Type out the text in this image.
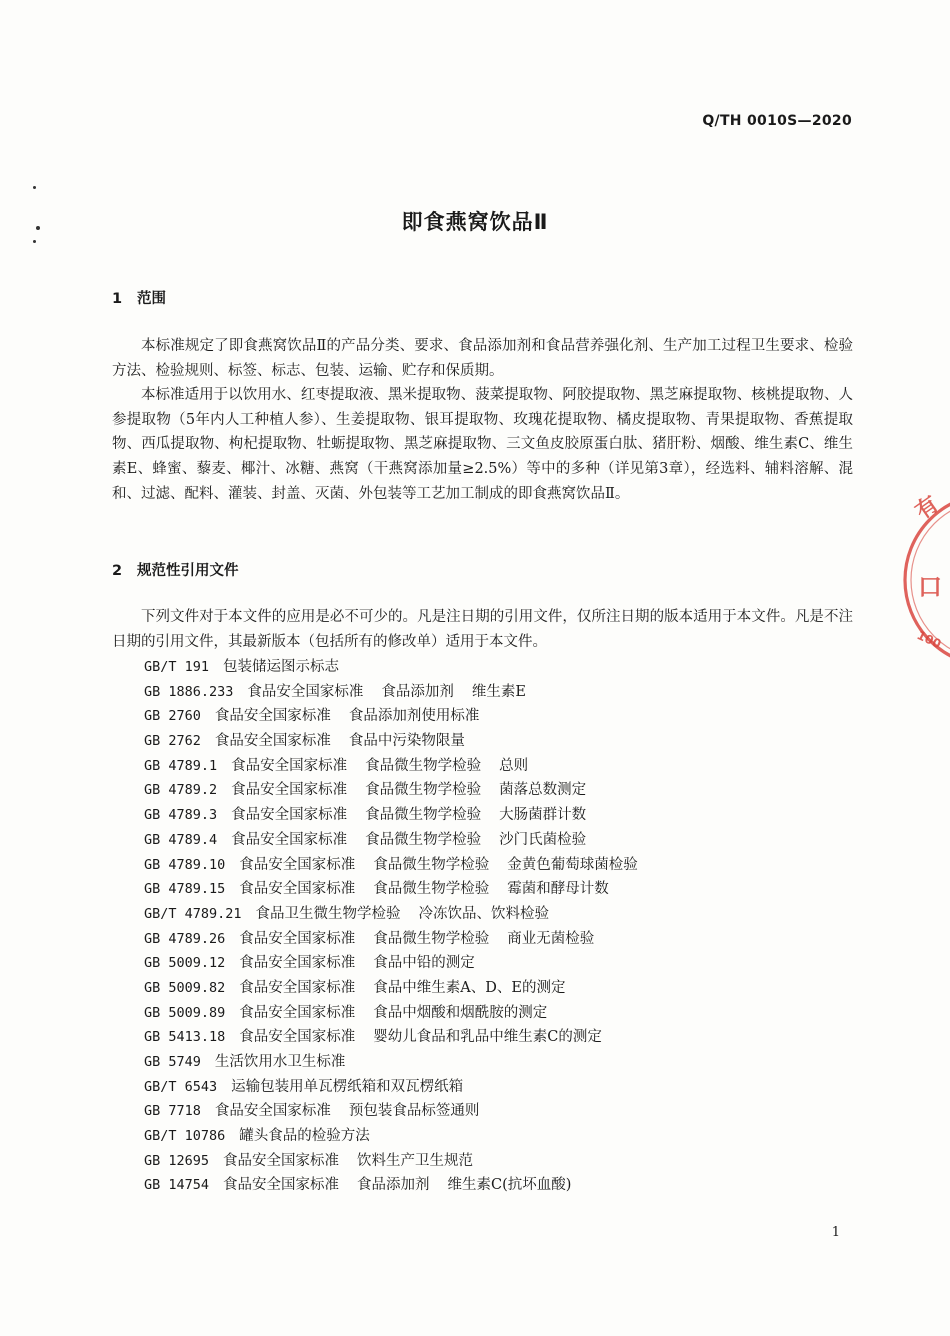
Q/TH 0010S—2020
即食燕窝饮品Ⅱ
1 范围

本标准规定了即食燕窝饮品Ⅱ的产品分类、要求、食品添加剂和食品营养强化剂、生产加工过程卫生要求、检验方法、检验规则、标签、标志、包装、运输、贮存和保质期。

本标准适用于以饮用水、红枣提取液、黑米提取物、菠菜提取物、阿胶提取物、黑芝麻提取物、核桃提取物、人参提取物（5年内人工种植人参）、生姜提取物、银耳提取物、玫瑰花提取物、橘皮提取物、青果提取物、香蕉提取物、西瓜提取物、枸杞提取物、牡蛎提取物、黑芝麻提取物、三文鱼皮胶原蛋白肽、猪肝粉、烟酸、维生素C、维生素E、蜂蜜、藜麦、椰汁、冰糖、燕窝（干燕窝添加量≥2.5%）等中的多种（详见第3章），经选料、辅料溶解、混和、过滤、配料、灌装、封盖、灭菌、外包装等工艺加工制成的即食燕窝饮品Ⅱ。

2 规范性引用文件

下列文件对于本文件的应用是必不可少的。凡是注日期的引用文件，仅所注日期的版本适用于本文件。凡是不注日期的引用文件，其最新版本（包括所有的修改单）适用于本文件。

GB/T 191 包装储运图示标志
GB 1886.233 食品安全国家标准 食品添加剂 维生素E
GB 2760 食品安全国家标准 食品添加剂使用标准
GB 2762 食品安全国家标准 食品中污染物限量
GB 4789.1 食品安全国家标准 食品微生物学检验 总则
GB 4789.2 食品安全国家标准 食品微生物学检验 菌落总数测定
GB 4789.3 食品安全国家标准 食品微生物学检验 大肠菌群计数
GB 4789.4 食品安全国家标准 食品微生物学检验 沙门氏菌检验
GB 4789.10 食品安全国家标准 食品微生物学检验 金黄色葡萄球菌检验
GB 4789.15 食品安全国家标准 食品微生物学检验 霉菌和酵母计数
GB/T 4789.21 食品卫生微生物学检验 冷冻饮品、饮料检验
GB 4789.26 食品安全国家标准 食品微生物学检验 商业无菌检验
GB 5009.12 食品安全国家标准 食品中铅的测定
GB 5009.82 食品安全国家标准 食品中维生素A、D、E的测定
GB 5009.89 食品安全国家标准 食品中烟酸和烟酰胺的测定
GB 5413.18 食品安全国家标准 婴幼儿食品和乳品中维生素C的测定
GB 5749 生活饮用水卫生标准
GB/T 6543 运输包装用单瓦楞纸箱和双瓦楞纸箱
GB 7718 食品安全国家标准 预包装食品标签通则
GB/T 10786 罐头食品的检验方法
GB 12695 食品安全国家标准 饮料生产卫生规范
GB 14754 食品安全国家标准 食品添加剂 维生素C(抗坏血酸)
1
有
口
100
